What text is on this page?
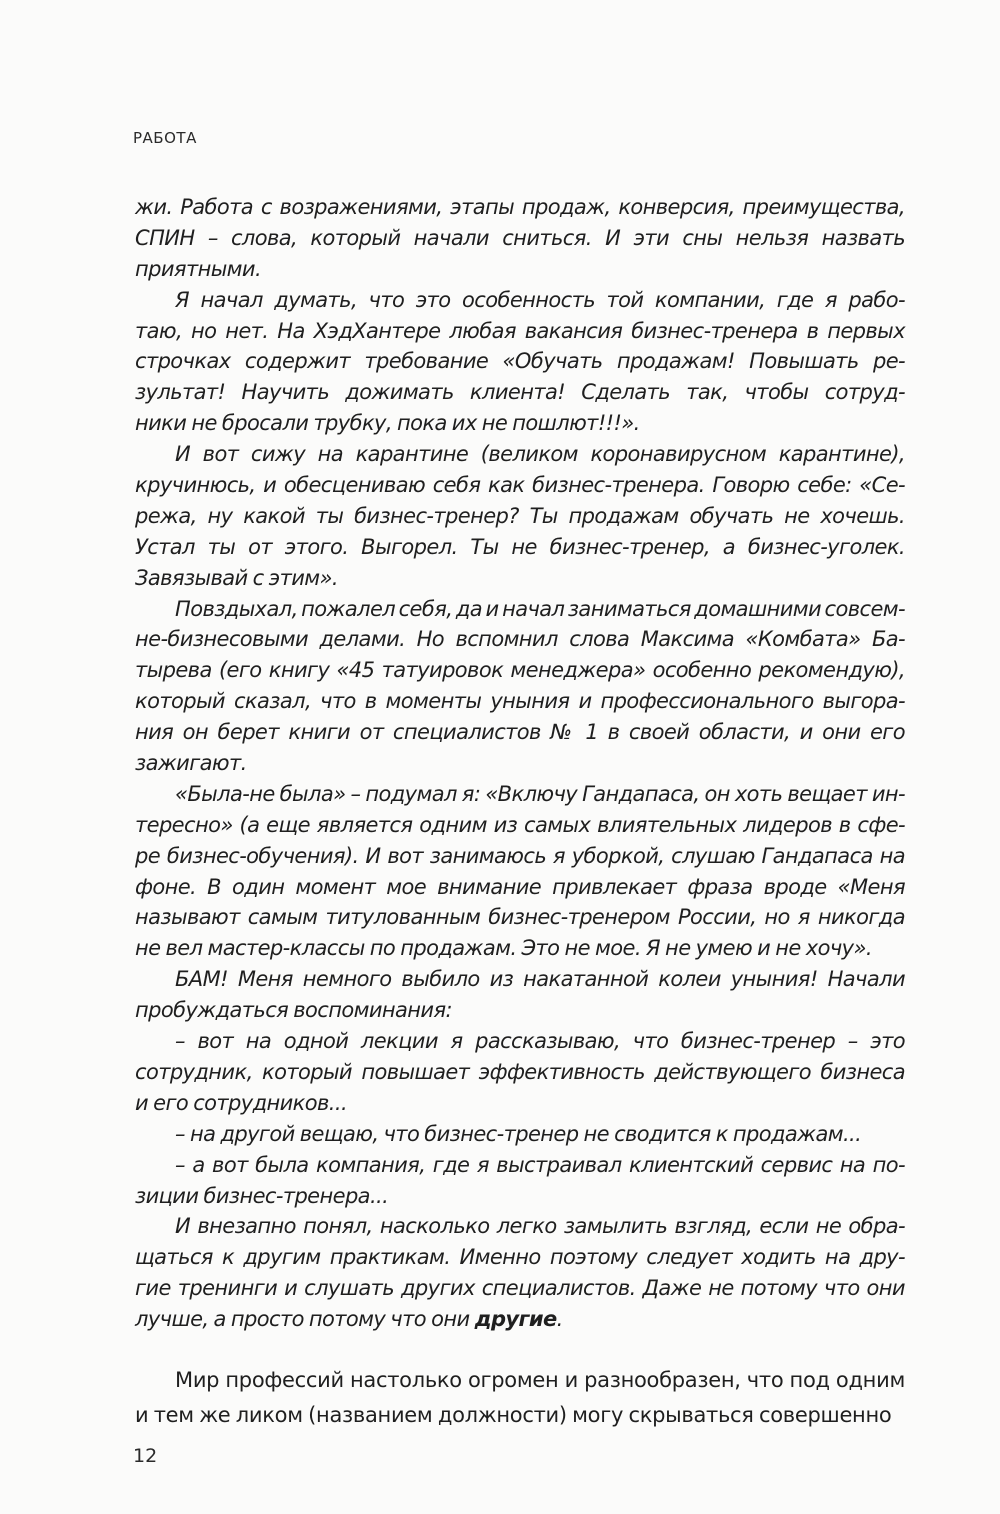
РАБОТА
жи. Работа с возражениями, этапы продаж, конверсия, преимущества,
СПИН – слова, который начали сниться. И эти сны нельзя назвать
приятными.
Я начал думать, что это особенность той компании, где я рабо-
таю, но нет. На ХэдХантере любая вакансия бизнес-тренера в первых
строчках содержит требование «Обучать продажам! Повышать ре-
зультат! Научить дожимать клиента! Сделать так, чтобы сотруд-
ники не бросали трубку, пока их не пошлют!!!».
И вот сижу на карантине (великом коронавирусном карантине),
кручинюсь, и обесцениваю себя как бизнес-тренера. Говорю себе: «Се-
режа, ну какой ты бизнес-тренер? Ты продажам обучать не хочешь.
Устал ты от этого. Выгорел. Ты не бизнес-тренер, а бизнес-уголек.
Завязывай с этим».
Повздыхал, пожалел себя, да и начал заниматься домашними совсем-
не-бизнесовыми делами. Но вспомнил слова Максима «Комбата» Ба-
тырева (его книгу «45 татуировок менеджера» особенно рекомендую),
который сказал, что в моменты уныния и профессионального выгора-
ния он берет книги от специалистов № 1 в своей области, и они его
зажигают.
«Была-не была» – подумал я: «Включу Гандапаса, он хоть вещает ин-
тересно» (а еще является одним из самых влиятельных лидеров в сфе-
ре бизнес-обучения). И вот занимаюсь я уборкой, слушаю Гандапаса на
фоне. В один момент мое внимание привлекает фраза вроде «Меня
называют самым титулованным бизнес-тренером России, но я никогда
не вел мастер-классы по продажам. Это не мое. Я не умею и не хочу».
БАМ! Меня немного выбило из накатанной колеи уныния! Начали
пробуждаться воспоминания:
– вот на одной лекции я рассказываю, что бизнес-тренер – это
сотрудник, который повышает эффективность действующего бизнеса
и его сотрудников...
– на другой вещаю, что бизнес-тренер не сводится к продажам...
– а вот была компания, где я выстраивал клиентский сервис на по-
зиции бизнес-тренера...
И внезапно понял, насколько легко замылить взгляд, если не обра-
щаться к другим практикам. Именно поэтому следует ходить на дру-
гие тренинги и слушать других специалистов. Даже не потому что они
лучше, а просто потому что они другие.
Мир профессий настолько огромен и разнообразен, что под одним
и тем же ликом (названием должности) могу скрываться совершенно
12
